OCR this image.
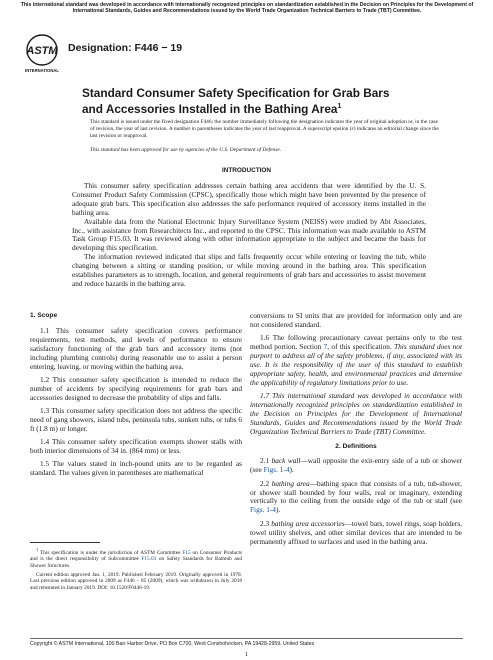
This international standard was developed in accordance with internationally recognized principles on standardization established in the Decision on Principles for the Development of International Standards, Guides and Recommendations issued by the World Trade Organization Technical Barriers to Trade (TBT) Committee.
ASTM
INTERNATIONAL
Designation: F446 − 19
Standard Consumer Safety Specification for Grab Bars and Accessories Installed in the Bathing Area$^1$
This standard is issued under the fixed designation F446; the number immediately following the designation indicates the year of original adoption or, in the case of revision, the year of last revision. A number in parentheses indicates the year of last reapproval. A superscript epsilon (ε) indicates an editorial change since the last revision or reapproval.
This standard has been approved for use by agencies of the U.S. Department of Defense.
INTRODUCTION

This consumer safety specification addresses certain bathing area accidents that were identified by the U. S. Consumer Product Safety Commission (CPSC), specifically those which might have been prevented by the presence of adequate grab bars. This specification also addresses the safe performance required of accessory items installed in the bathing area.

Available data from the National Electronic Injury Surveillance System (NEISS) were studied by Abt Associates, Inc., with assistance from Researchitects Inc., and reported to the CPSC. This information was made available to ASTM Task Group F15.03. It was reviewed along with other information appropriate to the subject and became the basis for developing this specification.

The information reviewed indicated that slips and falls frequently occur while entering or leaving the tub, while changing between a sitting or standing position, or while moving around in the bathing area. This specification establishes parameters as to strength, location, and general requirements of grab bars and accessories to assist movement and reduce hazards in the bathing area.

1. Scope

1.1 This consumer safety specification covers performance requirements, test methods, and levels of performance to ensure satisfactory functioning of the grab bars and accessory items (not including plumbing controls) during reasonable use to assist a person entering, leaving, or moving within the bathing area.

1.2 This consumer safety specification is intended to reduce the number of accidents by specifying requirements for grab bars and accessories designed to decrease the probability of slips and falls.

1.3 This consumer safety specification does not address the specific need of gang showers, island tubs, peninsula tubs, sunken tubs, or tubs 6 ft (1.8 m) or longer.

1.4 This consumer safety specification exempts shower stalls with both interior dimensions of 34 in. (864 mm) or less.

1.5 The values stated in inch-pound units are to be regarded as standard. The values given in parentheses are mathematical

conversions to SI units that are provided for information only and are not considered standard.

1.6 The following precautionary caveat pertains only to the test method portion, Section 7, of this specification. This standard does not purport to address all of the safety problems, if any, associated with its use. It is the responsibility of the user of this standard to establish appropriate safety, health, and environmental practices and determine the applicability of regulatory limitations prior to use.

1.7 This international standard was developed in accordance with internationally recognized principles on standardization established in the Decision on Principles for the Development of International Standards, Guides and Recommendations issued by the World Trade Organization Technical Barriers to Trade (TBT) Committee.

2. Definitions

2.1 back wall—wall opposite the exit-entry side of a tub or shower (see Figs. 1-4).

2.2 bathing area—bathing space that consists of a tub, tub-shower, or shower stall bounded by four walls, real or imaginary, extending vertically to the ceiling from the outside edge of the tub or stall (see Figs. 1-4).

2.3 bathing area accessories—towel bars, towel rings, soap holders, towel utility shelves, and other similar devices that are intended to be permanently affixed to surfaces and used in the bathing area.

$^1$ This specification is under the jurisdiction of ASTM Committee F15 on Consumer Products and is the direct responsibility of Subcommittee F15.03 on Safety Standards for Bathtub and Shower Structures.

Current edition approved Jan. 1, 2019. Published February 2019. Originally approved in 1978. Last previous edition approved in 2009 as F446 – 85 (2009), which was withdrawn in July 2018 and reinstated in January 2019. DOI: 10.1520/F0446-19.

Copyright © ASTM International, 100 Barr Harbor Drive, PO Box C700, West Conshohocken, PA 19428-2959. United States
1
